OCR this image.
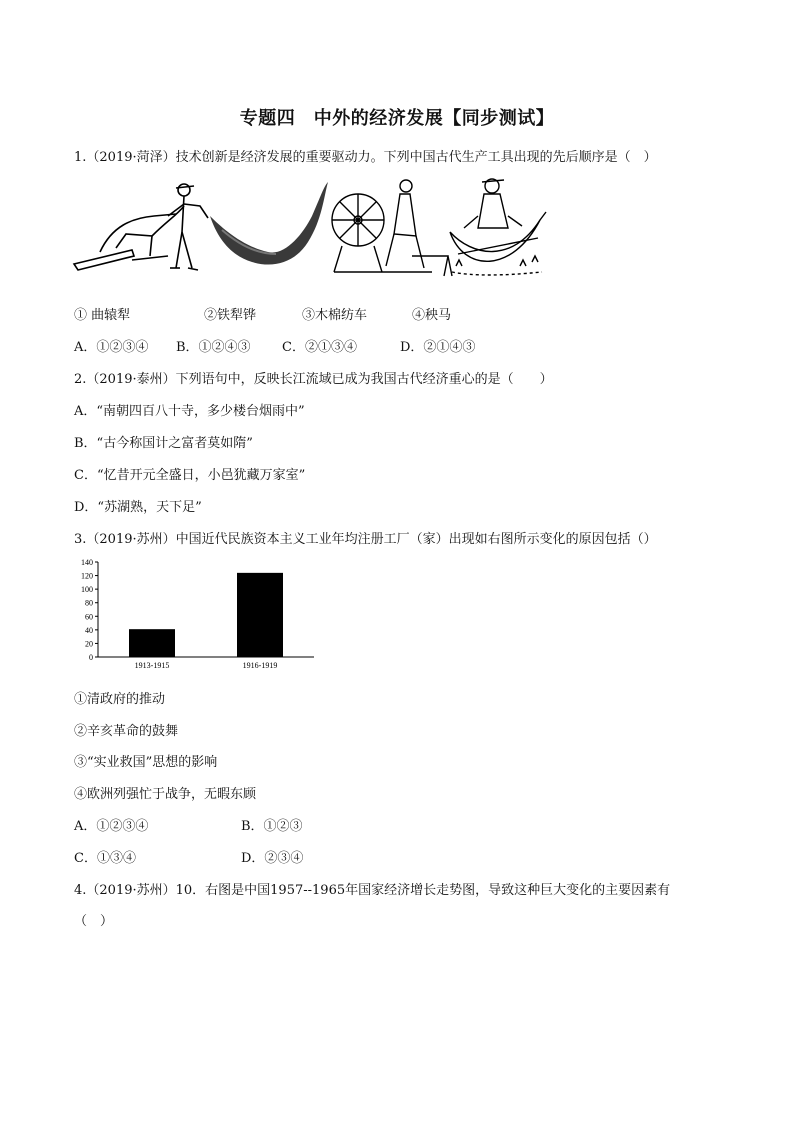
专题四　中外的经济发展【同步测试】
1.（2019·菏泽）技术创新是经济发展的重要驱动力。下列中国古代生产工具出现的先后顺序是（　）
① 曲辕犁	②铁犁铧	③木棉纺车	④秧马
A．①②③④ B．①②④③ C．②①③④	D．②①④③
2.（2019·泰州）下列语句中，反映长江流域已成为我国古代经济重心的是（　　）
A．“南朝四百八十寺，多少楼台烟雨中”
B．“古今称国计之富者莫如隋”
C．“忆昔开元全盛日，小邑犹藏万家室”
D．“苏湖熟，天下足”
3.（2019·苏州）中国近代民族资本主义工业年均注册工厂（家）出现如右图所示变化的原因包括（）
0
20
40
60
80
100
120
140
1913-1915	1916-1919
①清政府的推动
②辛亥革命的鼓舞
③“实业救国”思想的影响
④欧洲列强忙于战争，无暇东顾
A．①②③④	B．①②③
C．①③④	D．②③④
4.（2019·苏州）10．右图是中国1957--1965年国家经济增长走势图，导致这种巨大变化的主要因素有
（　）
